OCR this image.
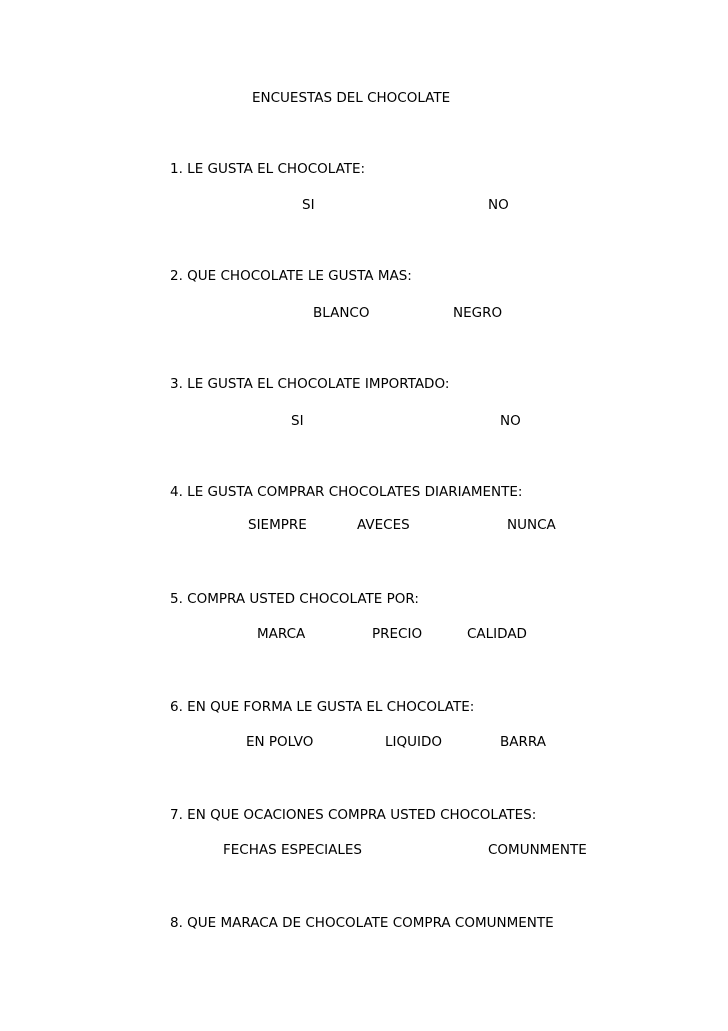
ENCUESTAS DEL CHOCOLATE
1. LE GUSTA EL CHOCOLATE:
SI	NO
2. QUE CHOCOLATE LE GUSTA MAS:
BLANCO	NEGRO
3. LE GUSTA EL CHOCOLATE IMPORTADO:
SI	NO
4. LE GUSTA COMPRAR CHOCOLATES DIARIAMENTE:
SIEMPRE	AVECES	NUNCA
5. COMPRA USTED CHOCOLATE POR:
MARCA	PRECIO	CALIDAD
6. EN QUE FORMA LE GUSTA EL CHOCOLATE:
EN POLVO	LIQUIDO	BARRA
7. EN QUE OCACIONES COMPRA USTED CHOCOLATES:
FECHAS ESPECIALES	COMUNMENTE
8. QUE MARACA DE CHOCOLATE COMPRA COMUNMENTE
